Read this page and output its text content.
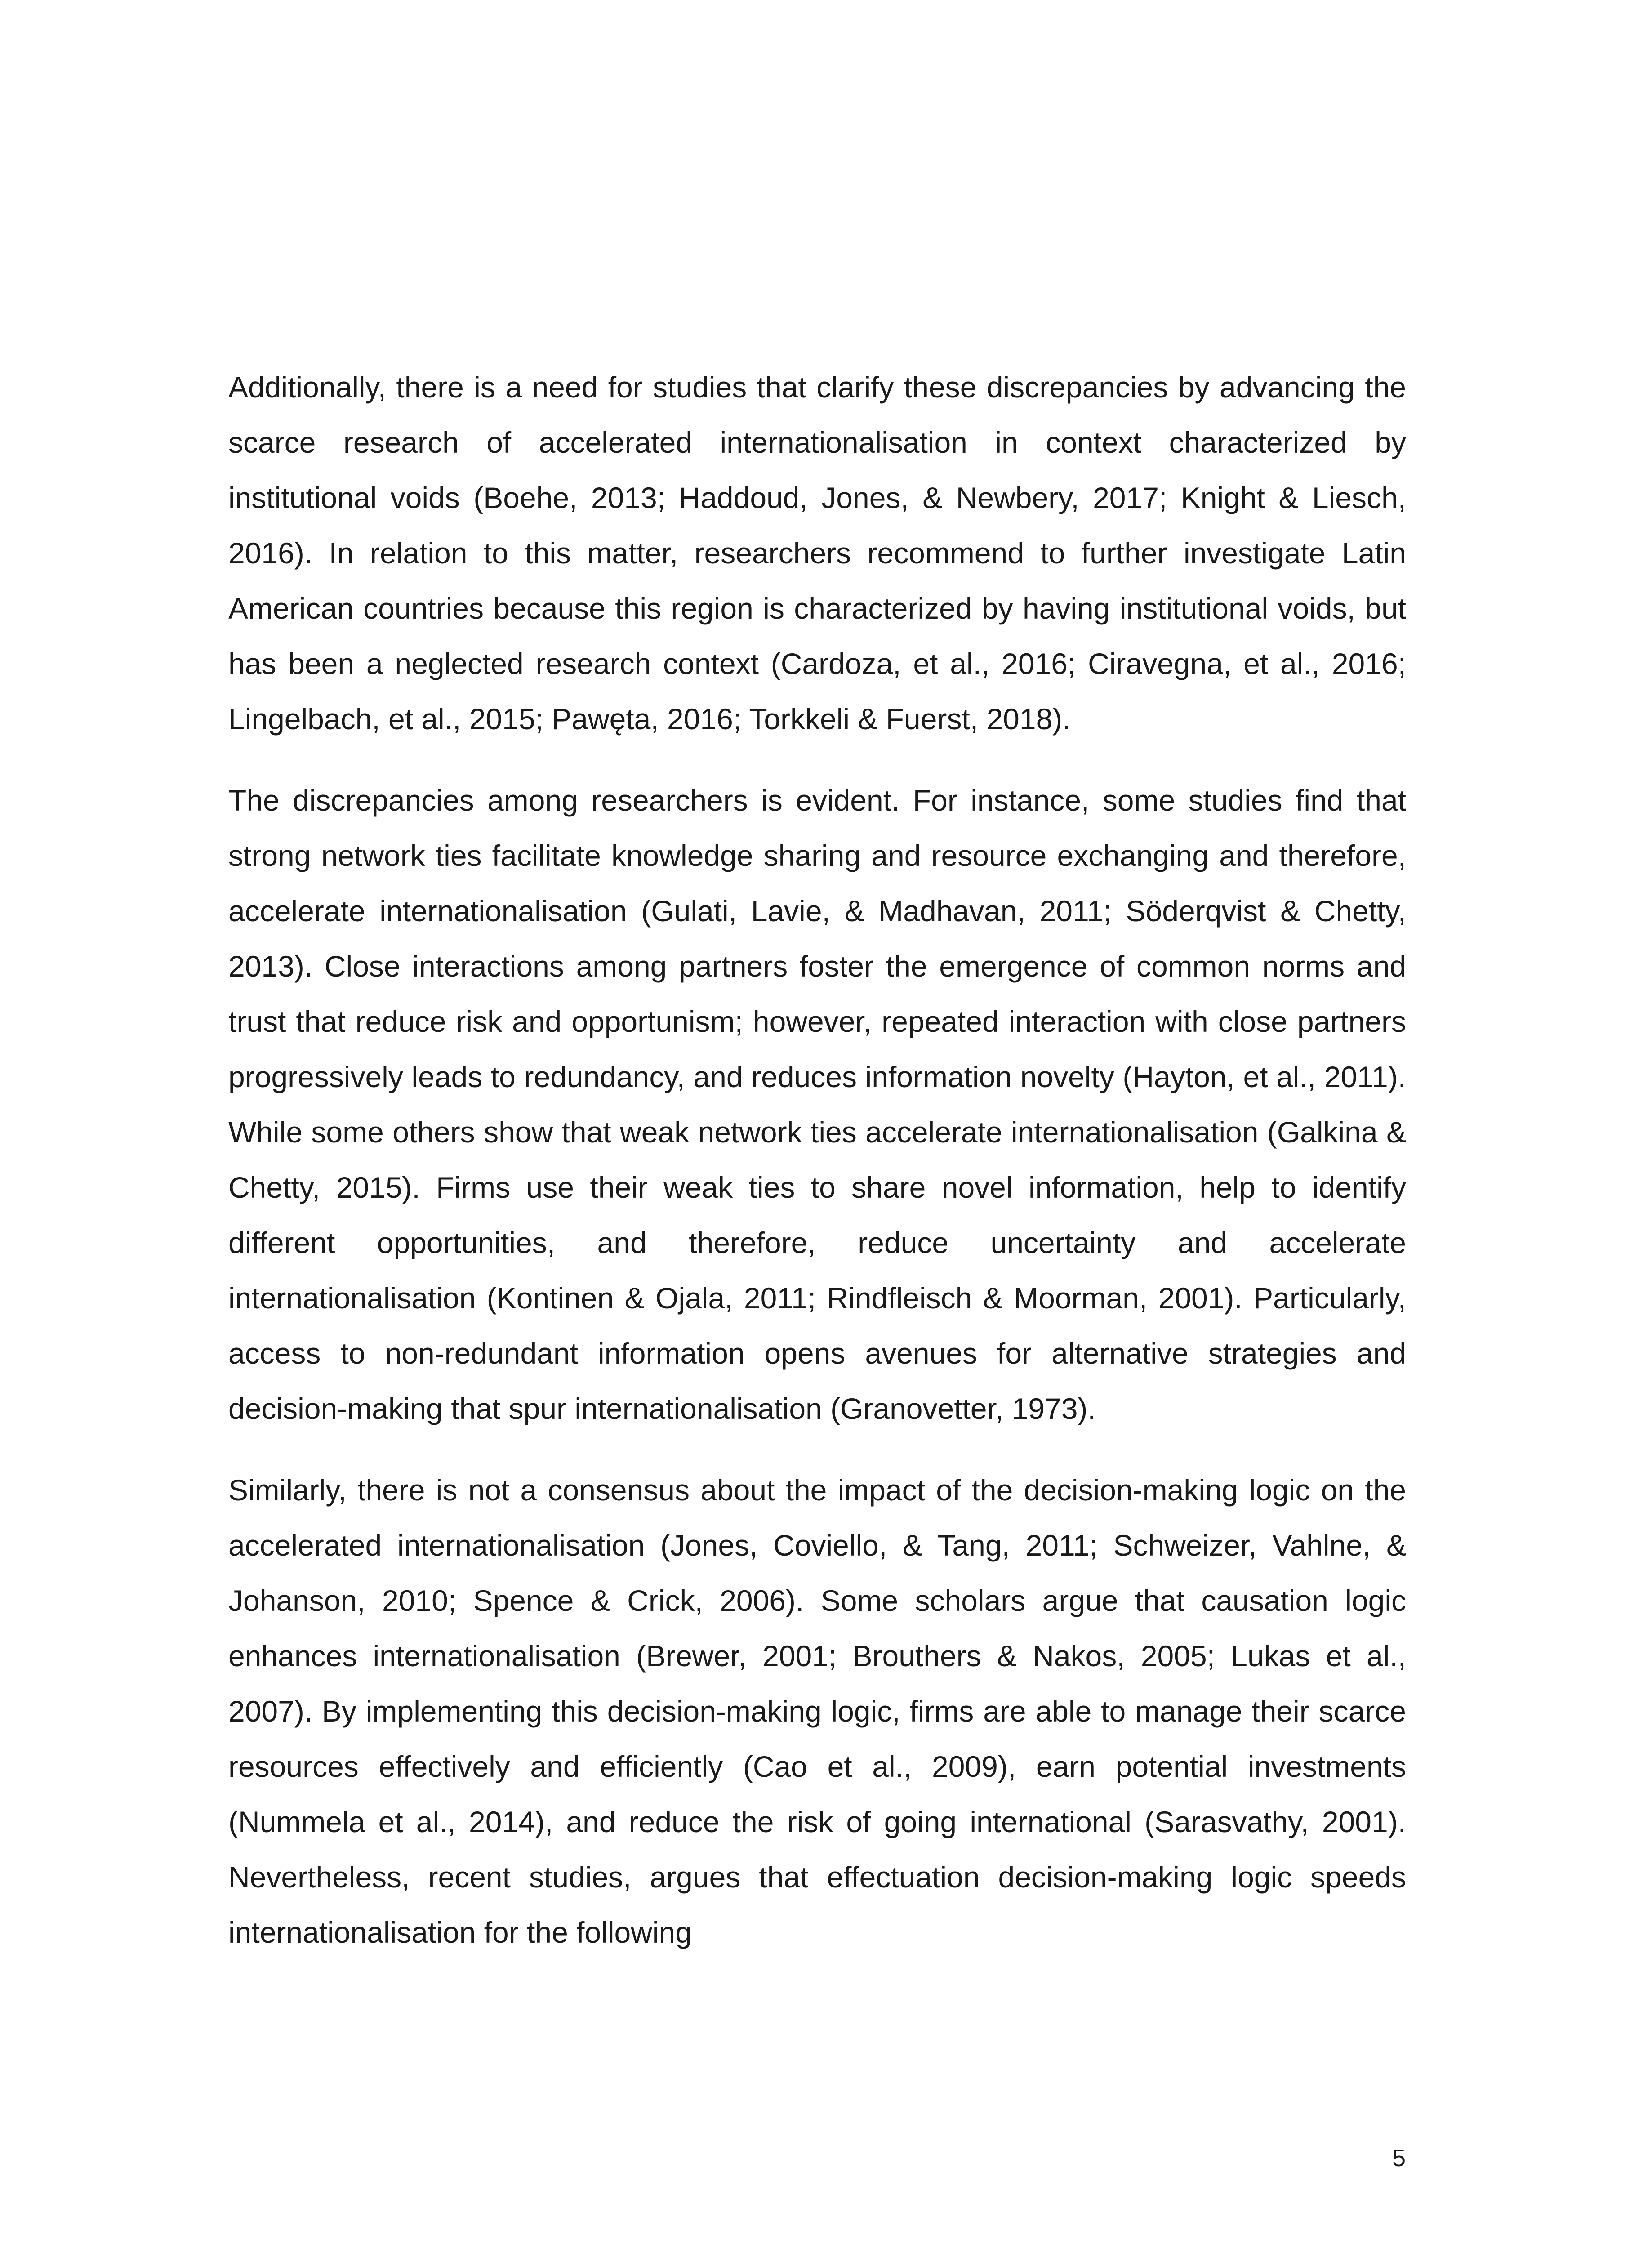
Additionally, there is a need for studies that clarify these discrepancies by advancing the scarce research of accelerated internationalisation in context characterized by institutional voids (Boehe, 2013; Haddoud, Jones, & Newbery, 2017; Knight & Liesch, 2016). In relation to this matter, researchers recommend to further investigate Latin American countries because this region is characterized by having institutional voids, but has been a neglected research context (Cardoza, et al., 2016; Ciravegna, et al., 2016; Lingelbach, et al., 2015; Pawęta, 2016; Torkkeli & Fuerst, 2018).

The discrepancies among researchers is evident. For instance, some studies find that strong network ties facilitate knowledge sharing and resource exchanging and therefore, accelerate internationalisation (Gulati, Lavie, & Madhavan, 2011; Söderqvist & Chetty, 2013). Close interactions among partners foster the emergence of common norms and trust that reduce risk and opportunism; however, repeated interaction with close partners progressively leads to redundancy, and reduces information novelty (Hayton, et al., 2011). While some others show that weak network ties accelerate internationalisation (Galkina & Chetty, 2015). Firms use their weak ties to share novel information, help to identify different opportunities, and therefore, reduce uncertainty and accelerate internationalisation (Kontinen & Ojala, 2011; Rindfleisch & Moorman, 2001). Particularly, access to non-redundant information opens avenues for alternative strategies and decision-making that spur internationalisation (Granovetter, 1973).

Similarly, there is not a consensus about the impact of the decision-making logic on the accelerated internationalisation (Jones, Coviello, & Tang, 2011; Schweizer, Vahlne, & Johanson, 2010; Spence & Crick, 2006). Some scholars argue that causation logic enhances internationalisation (Brewer, 2001; Brouthers & Nakos, 2005; Lukas et al., 2007). By implementing this decision-making logic, firms are able to manage their scarce resources effectively and efficiently (Cao et al., 2009), earn potential investments (Nummela et al., 2014), and reduce the risk of going international (Sarasvathy, 2001). Nevertheless, recent studies, argues that effectuation decision-making logic speeds internationalisation for the following

5
